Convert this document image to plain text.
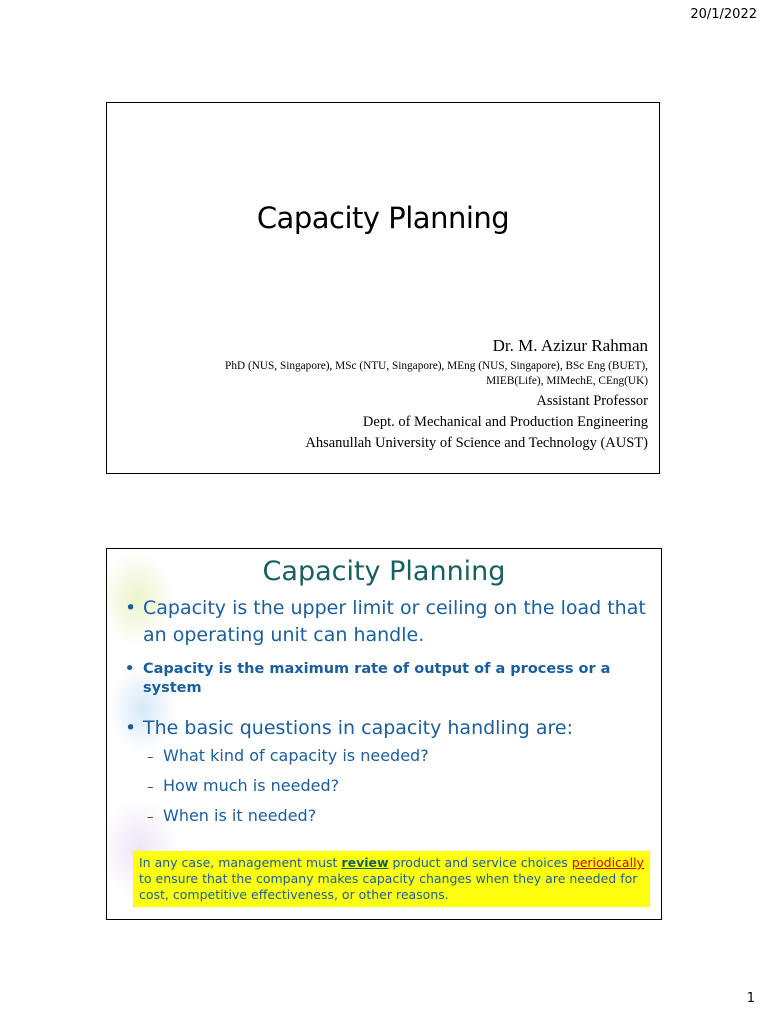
20/1/2022
Capacity Planning
Dr. M. Azizur Rahman
PhD (NUS, Singapore), MSc (NTU, Singapore), MEng (NUS, Singapore), BSc Eng (BUET),
MIEB(Life), MIMechE, CEng(UK)
Assistant Professor
Dept. of Mechanical and Production Engineering
Ahsanullah University of Science and Technology (AUST)
Capacity Planning
• Capacity is the upper limit or ceiling on the load that an operating unit can handle.
• Capacity is the maximum rate of output of a process or a system
• The basic questions in capacity handling are:
– What kind of capacity is needed?
– How much is needed?
– When is it needed?
In any case, management must review product and service choices periodically to ensure that the company makes capacity changes when they are needed for cost, competitive effectiveness, or other reasons.
1
